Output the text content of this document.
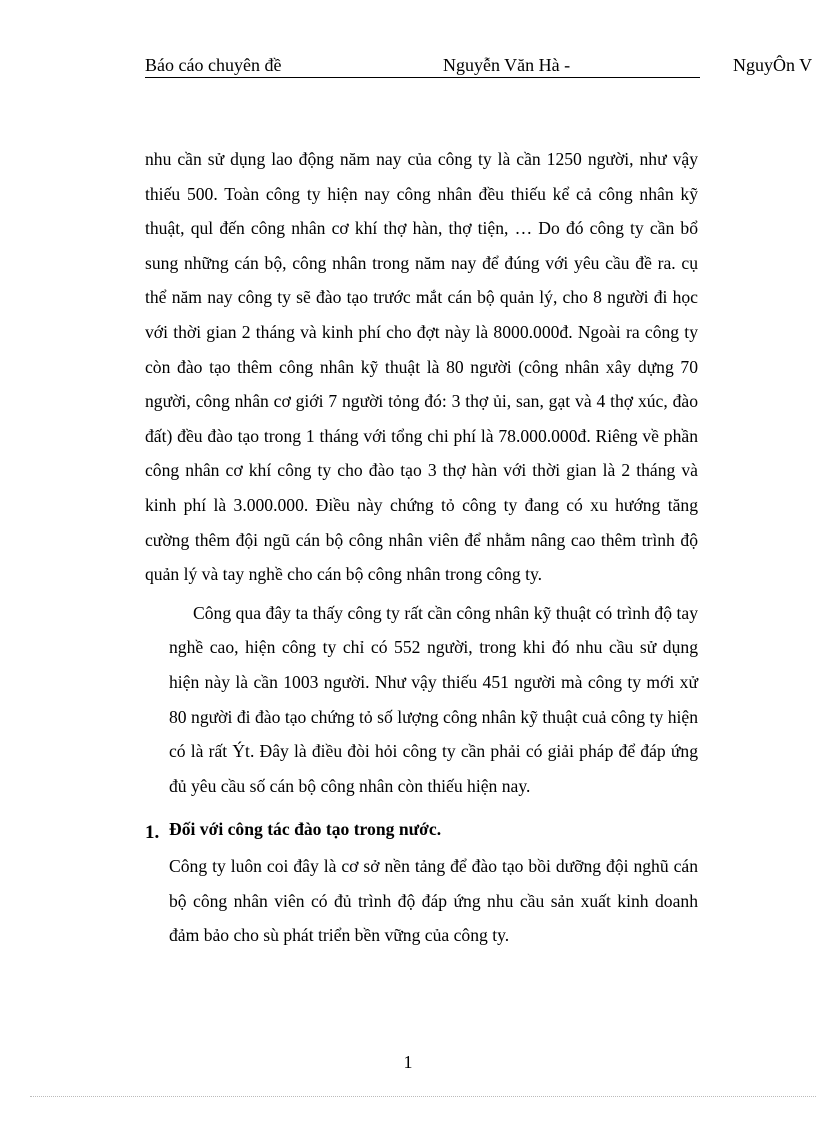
Báo cáo chuyên đề	Nguyễn Văn Hà -	NguyÔn V

nhu cần sử dụng lao động năm nay của công ty là cần 1250 người, như vậy thiếu 500. Toàn công ty hiện nay công nhân đều thiếu kể cả công nhân kỹ thuật, qul đến công nhân cơ khí thợ hàn, thợ tiện, … Do đó công ty cần bổ sung những cán bộ, công nhân trong năm nay để đúng với yêu cầu đề ra. cụ thể năm nay công ty sẽ đào tạo trước mắt cán bộ quản lý, cho 8 người đi học với thời gian 2 tháng và kinh phí cho đợt này là 8000.000đ. Ngoài ra công ty còn đào tạo thêm công nhân kỹ thuật là 80 người (công nhân xây dựng 70 người, công nhân cơ giới 7 người tỏng đó: 3 thợ ủi, san, gạt và 4 thợ xúc, đào đất) đều đào tạo trong 1 tháng với tổng chi phí là 78.000.000đ. Riêng về phần công nhân cơ khí công ty cho đào tạo 3 thợ hàn với thời gian là 2 tháng và kinh phí là 3.000.000. Điều này chứng tỏ công ty đang có xu hướng tăng cường thêm đội ngũ cán bộ công nhân viên để nhằm nâng cao thêm trình độ quản lý và tay nghề cho cán bộ công nhân trong công ty.

Công qua đây ta thấy công ty rất cần công nhân kỹ thuật có trình độ tay nghề cao, hiện công ty chỉ có 552 người, trong khi đó nhu cầu sử dụng hiện này là cần 1003 người. Như vậy thiếu 451 người mà công ty mới xử 80 người đi đào tạo chứng tỏ số lượng công nhân kỹ thuật cuả công ty hiện có là rất Ýt. Đây là điều đòi hỏi công ty cần phải có giải pháp để đáp ứng đủ yêu cầu số cán bộ công nhân còn thiếu hiện nay.

1. Đối với công tác đào tạo trong nước.

Công ty luôn coi đây là cơ sở nền tảng để đào tạo bồi dưỡng đội nghũ cán bộ công nhân viên có đủ trình độ đáp ứng nhu cầu sản xuất kinh doanh đảm bảo cho sù phát triển bền vững của công ty.

1
